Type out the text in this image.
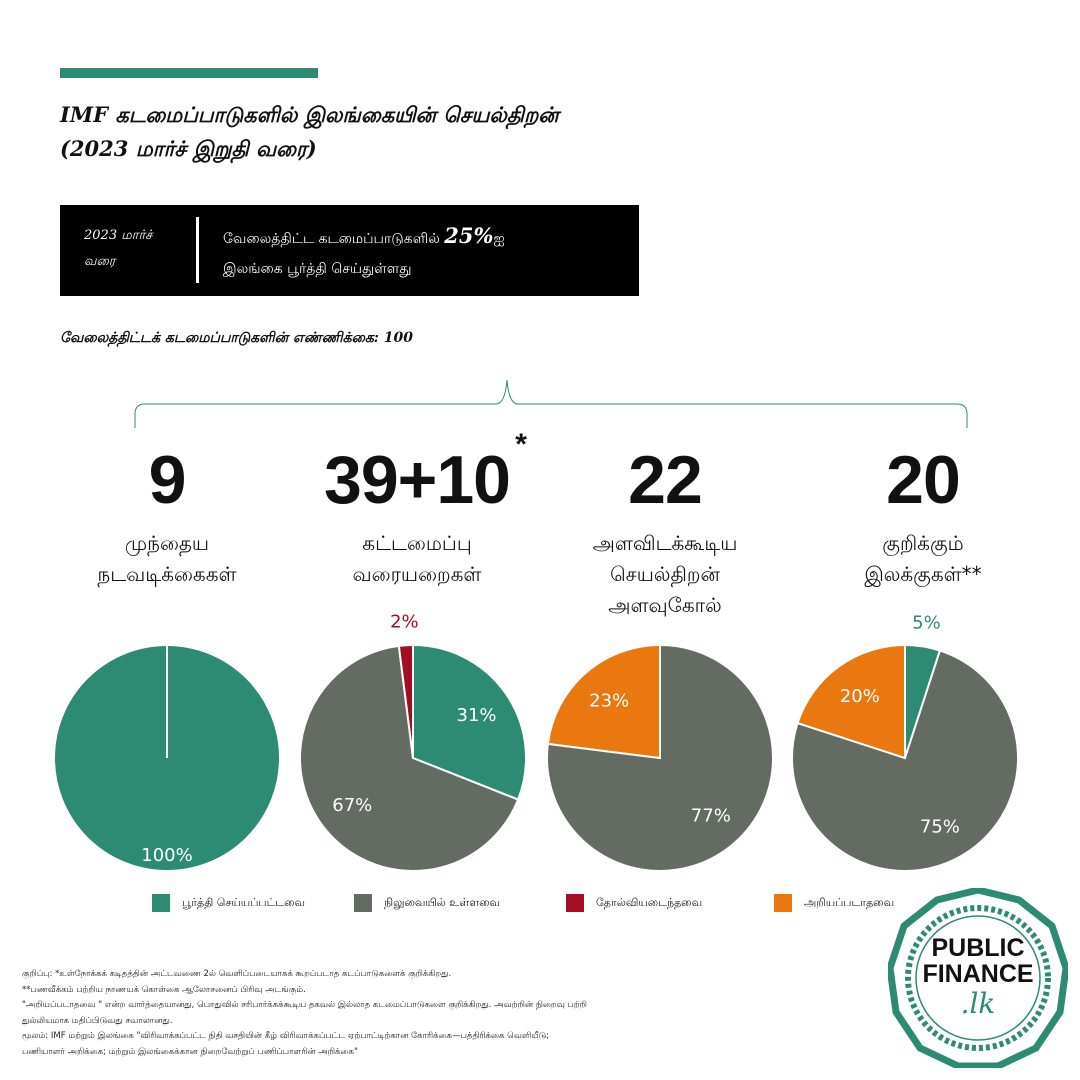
IMF கடமைப்பாடுகளில் இலங்கையின் செயல்திறன்
(2023 மார்ச் இறுதி வரை)
2023 மார்ச்
வரை
வேலைத்திட்ட கடமைப்பாடுகளில் 25%ஐ
இலங்கை பூர்த்தி செய்துள்ளது
வேலைத்திட்டக் கடமைப்பாடுகளின் எண்ணிக்கை: 100
9
முந்தைய
நடவடிக்கைகள்
39+10 *
கட்டமைப்பு
வரையறைகள்
22
அளவிடக்கூடிய
செயல்திறன்
அளவுகோல்
20
குறிக்கும்
இலக்குகள்**
100%
31%
67%
2%
77%
23%
5%
75%
20%
பூர்த்தி செய்யப்பட்டவை	நிலுவையில் உள்ளவை	தோல்வியடைந்தவை	அறியப்படாதவை
குறிப்பு: *உள்நோக்கக் கடிதத்தின் அட்டவணை 2ல் வெளிப்படையாகக் கூறப்படாத கடப்பாடுகளைக் குறிக்கிறது.
**பணவீக்கம் பற்றிய நாணயக் கொள்கை ஆலோசனைப் பிரிவு அடங்கும்.
"அறியப்படாதவை " என்ற வார்த்தையானது, பொதுவில் சரிபார்க்கக்கூடிய தகவல் இல்லாத கடமைப்பாடுகளை குறிக்கிறது. அவற்றின் நிறைவு பற்றி
துல்லியமாக மதிப்பிடுவது சவாலானது.
மூலம்: IMF மற்றும் இலங்கை "விரிவாக்கப்பட்ட நிதி வசதியின் கீழ் விரிவாக்கப்பட்ட ஏற்பாட்டிற்கான கோரிக்கை—பத்திரிக்கை வெளியீடு;
பணியாளர் அறிக்கை; மற்றும் இலங்கைக்கான நிறைவேற்றுப் பணிப்பாளரின் அறிக்கை"
PUBLIC
FINANCE
.lk
